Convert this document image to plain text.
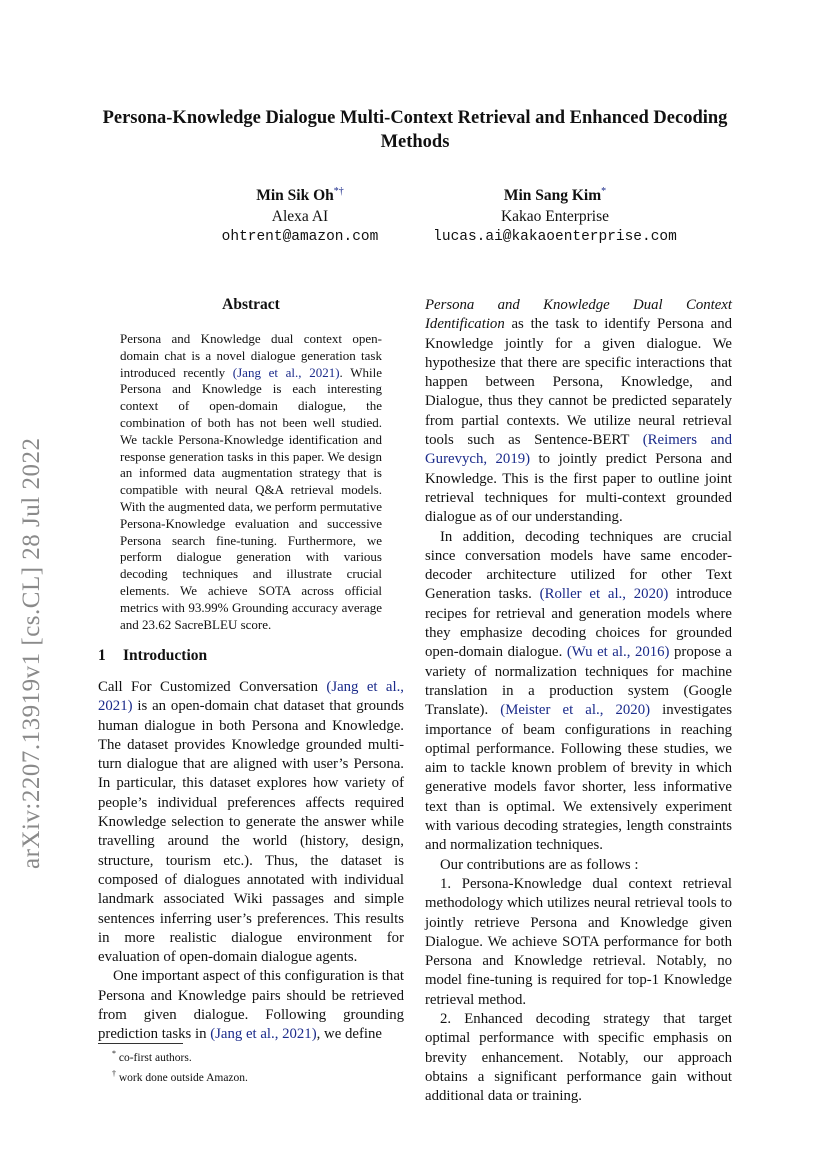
arXiv:2207.13919v1 [cs.CL] 28 Jul 2022
Persona-Knowledge Dialogue Multi-Context Retrieval and Enhanced Decoding Methods
Min Sik Oh*†
Alexa AI
ohtrent@amazon.com
Min Sang Kim*
Kakao Enterprise
lucas.ai@kakaoenterprise.com
Abstract
Persona and Knowledge dual context open-domain chat is a novel dialogue generation task introduced recently (Jang et al., 2021). While Persona and Knowledge is each interesting context of open-domain dialogue, the combination of both has not been well studied. We tackle Persona-Knowledge identification and response generation tasks in this paper. We design an informed data augmentation strategy that is compatible with neural Q&A retrieval models. With the augmented data, we perform permutative Persona-Knowledge evaluation and successive Persona search fine-tuning. Furthermore, we perform dialogue generation with various decoding techniques and illustrate crucial elements. We achieve SOTA across official metrics with 93.99% Grounding accuracy average and 23.62 SacreBLEU score.
1 Introduction

Call For Customized Conversation (Jang et al., 2021) is an open-domain chat dataset that grounds human dialogue in both Persona and Knowledge. The dataset provides Knowledge grounded multi-turn dialogue that are aligned with user’s Persona. In particular, this dataset explores how variety of people’s individual preferences affects required Knowledge selection to generate the answer while travelling around the world (history, design, structure, tourism etc.). Thus, the dataset is composed of dialogues annotated with individual landmark associated Wiki passages and simple sentences inferring user’s preferences. This results in more realistic dialogue environment for evaluation of open-domain dialogue agents.

One important aspect of this configuration is that Persona and Knowledge pairs should be retrieved from given dialogue. Following grounding prediction tasks in (Jang et al., 2021), we define

Persona and Knowledge Dual Context Identification as the task to identify Persona and Knowledge jointly for a given dialogue. We hypothesize that there are specific interactions that happen between Persona, Knowledge, and Dialogue, thus they cannot be predicted separately from partial contexts. We utilize neural retrieval tools such as Sentence-BERT (Reimers and Gurevych, 2019) to jointly predict Persona and Knowledge. This is the first paper to outline joint retrieval techniques for multi-context grounded dialogue as of our understanding.

In addition, decoding techniques are crucial since conversation models have same encoder-decoder architecture utilized for other Text Generation tasks. (Roller et al., 2020) introduce recipes for retrieval and generation models where they emphasize decoding choices for grounded open-domain dialogue. (Wu et al., 2016) propose a variety of normalization techniques for machine translation in a production system (Google Translate). (Meister et al., 2020) investigates importance of beam configurations in reaching optimal performance. Following these studies, we aim to tackle known problem of brevity in which generative models favor shorter, less informative text than is optimal. We extensively experiment with various decoding strategies, length constraints and normalization techniques.

Our contributions are as follows :

1. Persona-Knowledge dual context retrieval methodology which utilizes neural retrieval tools to jointly retrieve Persona and Knowledge given Dialogue. We achieve SOTA performance for both Persona and Knowledge retrieval. Notably, no model fine-tuning is required for top-1 Knowledge retrieval method.

2. Enhanced decoding strategy that target optimal performance with specific emphasis on brevity enhancement. Notably, our approach obtains a significant performance gain without additional data or training.

* co-first authors.
† work done outside Amazon.
